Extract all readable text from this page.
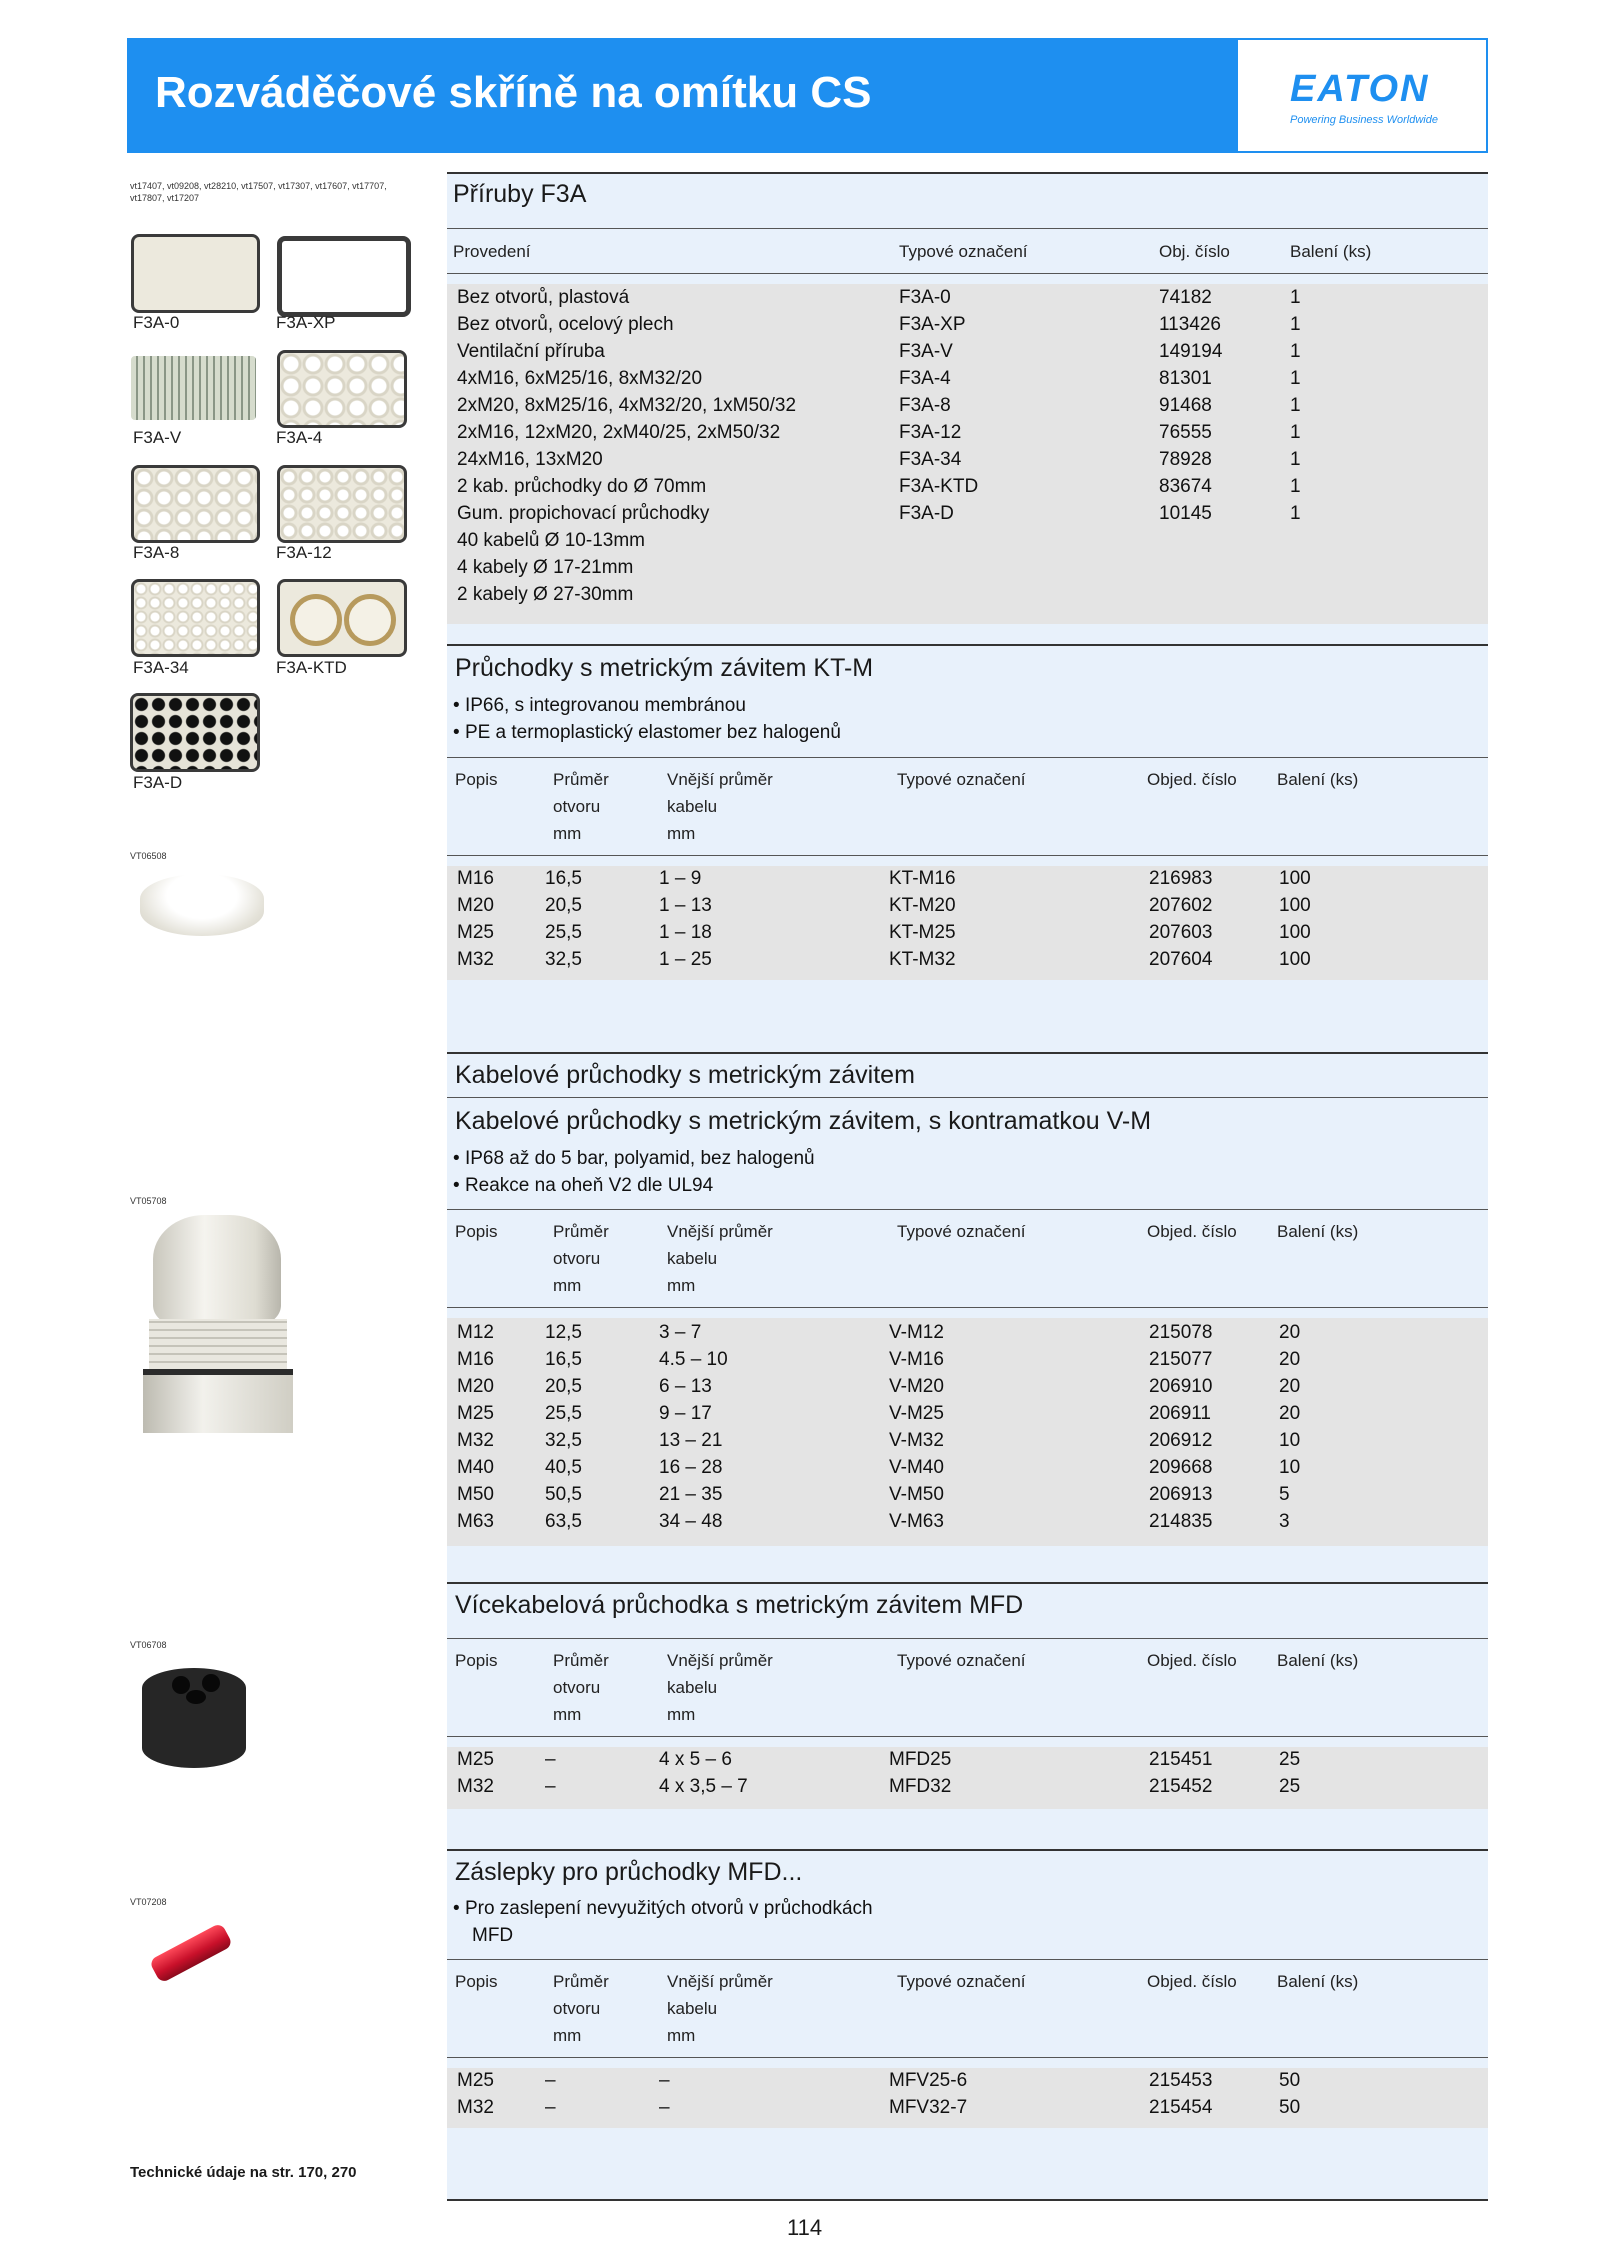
Rozváděčové skříně na omítku CS	EATON
Powering Business Worldwide
vt17407, vt09208, vt28210, vt17507, vt17307, vt17607, vt17707, vt17807, vt17207
F3A-0	F3A-XP
F3A-V	F3A-4
F3A-8	F3A-12
F3A-34	F3A-KTD
F3A-D
VT06508
VT05708
VT06708
VT07208
Technické údaje na str. 170, 270
Příruby F3A
Provedení	Typové označení	Obj. číslo	Balení (ks)
Bez otvorů, plastová	F3A-0	74182	1
Bez otvorů, ocelový plech	F3A-XP	113426	1
Ventilační příruba	F3A-V	149194	1
4xM16, 6xM25/16, 8xM32/20	F3A-4	81301	1
2xM20, 8xM25/16, 4xM32/20, 1xM50/32	F3A-8	91468	1
2xM16, 12xM20, 2xM40/25, 2xM50/32	F3A-12	76555	1
24xM16, 13xM20	F3A-34	78928	1
2 kab. průchodky do Ø 70mm	F3A-KTD	83674	1
Gum. propichovací průchodky	F3A-D	10145	1
40 kabelů Ø 10-13mm
4 kabely Ø 17-21mm
2 kabely Ø 27-30mm
Průchodky s metrickým závitem KT-M
• IP66, s integrovanou membránou
• PE a termoplastický elastomer bez halogenů
Popis	Průměr	Vnější průměr	Typové označení	Objed. číslo Balení (ks)
otvoru	kabelu
mm	mm
M16	16,5	1 – 9	KT-M16	216983	100
M20	20,5	1 – 13	KT-M20	207602	100
M25	25,5	1 – 18	KT-M25	207603	100
M32	32,5	1 – 25	KT-M32	207604	100
Kabelové průchodky s metrickým závitem
Kabelové průchodky s metrickým závitem, s kontramatkou V-M
• IP68 až do 5 bar, polyamid, bez halogenů
• Reakce na oheň V2 dle UL94
Popis	Průměr	Vnější průměr	Typové označení	Objed. číslo Balení (ks)
otvoru	kabelu
mm	mm
M12	12,5	3 – 7	V-M12	215078	20
M16	16,5	4.5 – 10	V-M16	215077	20
M20	20,5	6 – 13	V-M20	206910	20
M25	25,5	9 – 17	V-M25	206911	20
M32	32,5	13 – 21	V-M32	206912	10
M40	40,5	16 – 28	V-M40	209668	10
M50	50,5	21 – 35	V-M50	206913	5
M63	63,5	34 – 48	V-M63	214835	3
Vícekabelová průchodka s metrickým závitem MFD
Popis	Průměr	Vnější průměr	Typové označení	Objed. číslo Balení (ks)
otvoru	kabelu
mm	mm
M25	–	4 x 5 – 6	MFD25	215451	25
M32	–	4 x 3,5 – 7	MFD32	215452	25
Záslepky pro průchodky MFD...
• Pro zaslepení nevyužitých otvorů v průchodkách
MFD
Popis	Průměr	Vnější průměr	Typové označení	Objed. číslo Balení (ks)
otvoru	kabelu
mm	mm
M25	–	–	MFV25-6	215453	50
M32	–	–	MFV32-7	215454	50
114
